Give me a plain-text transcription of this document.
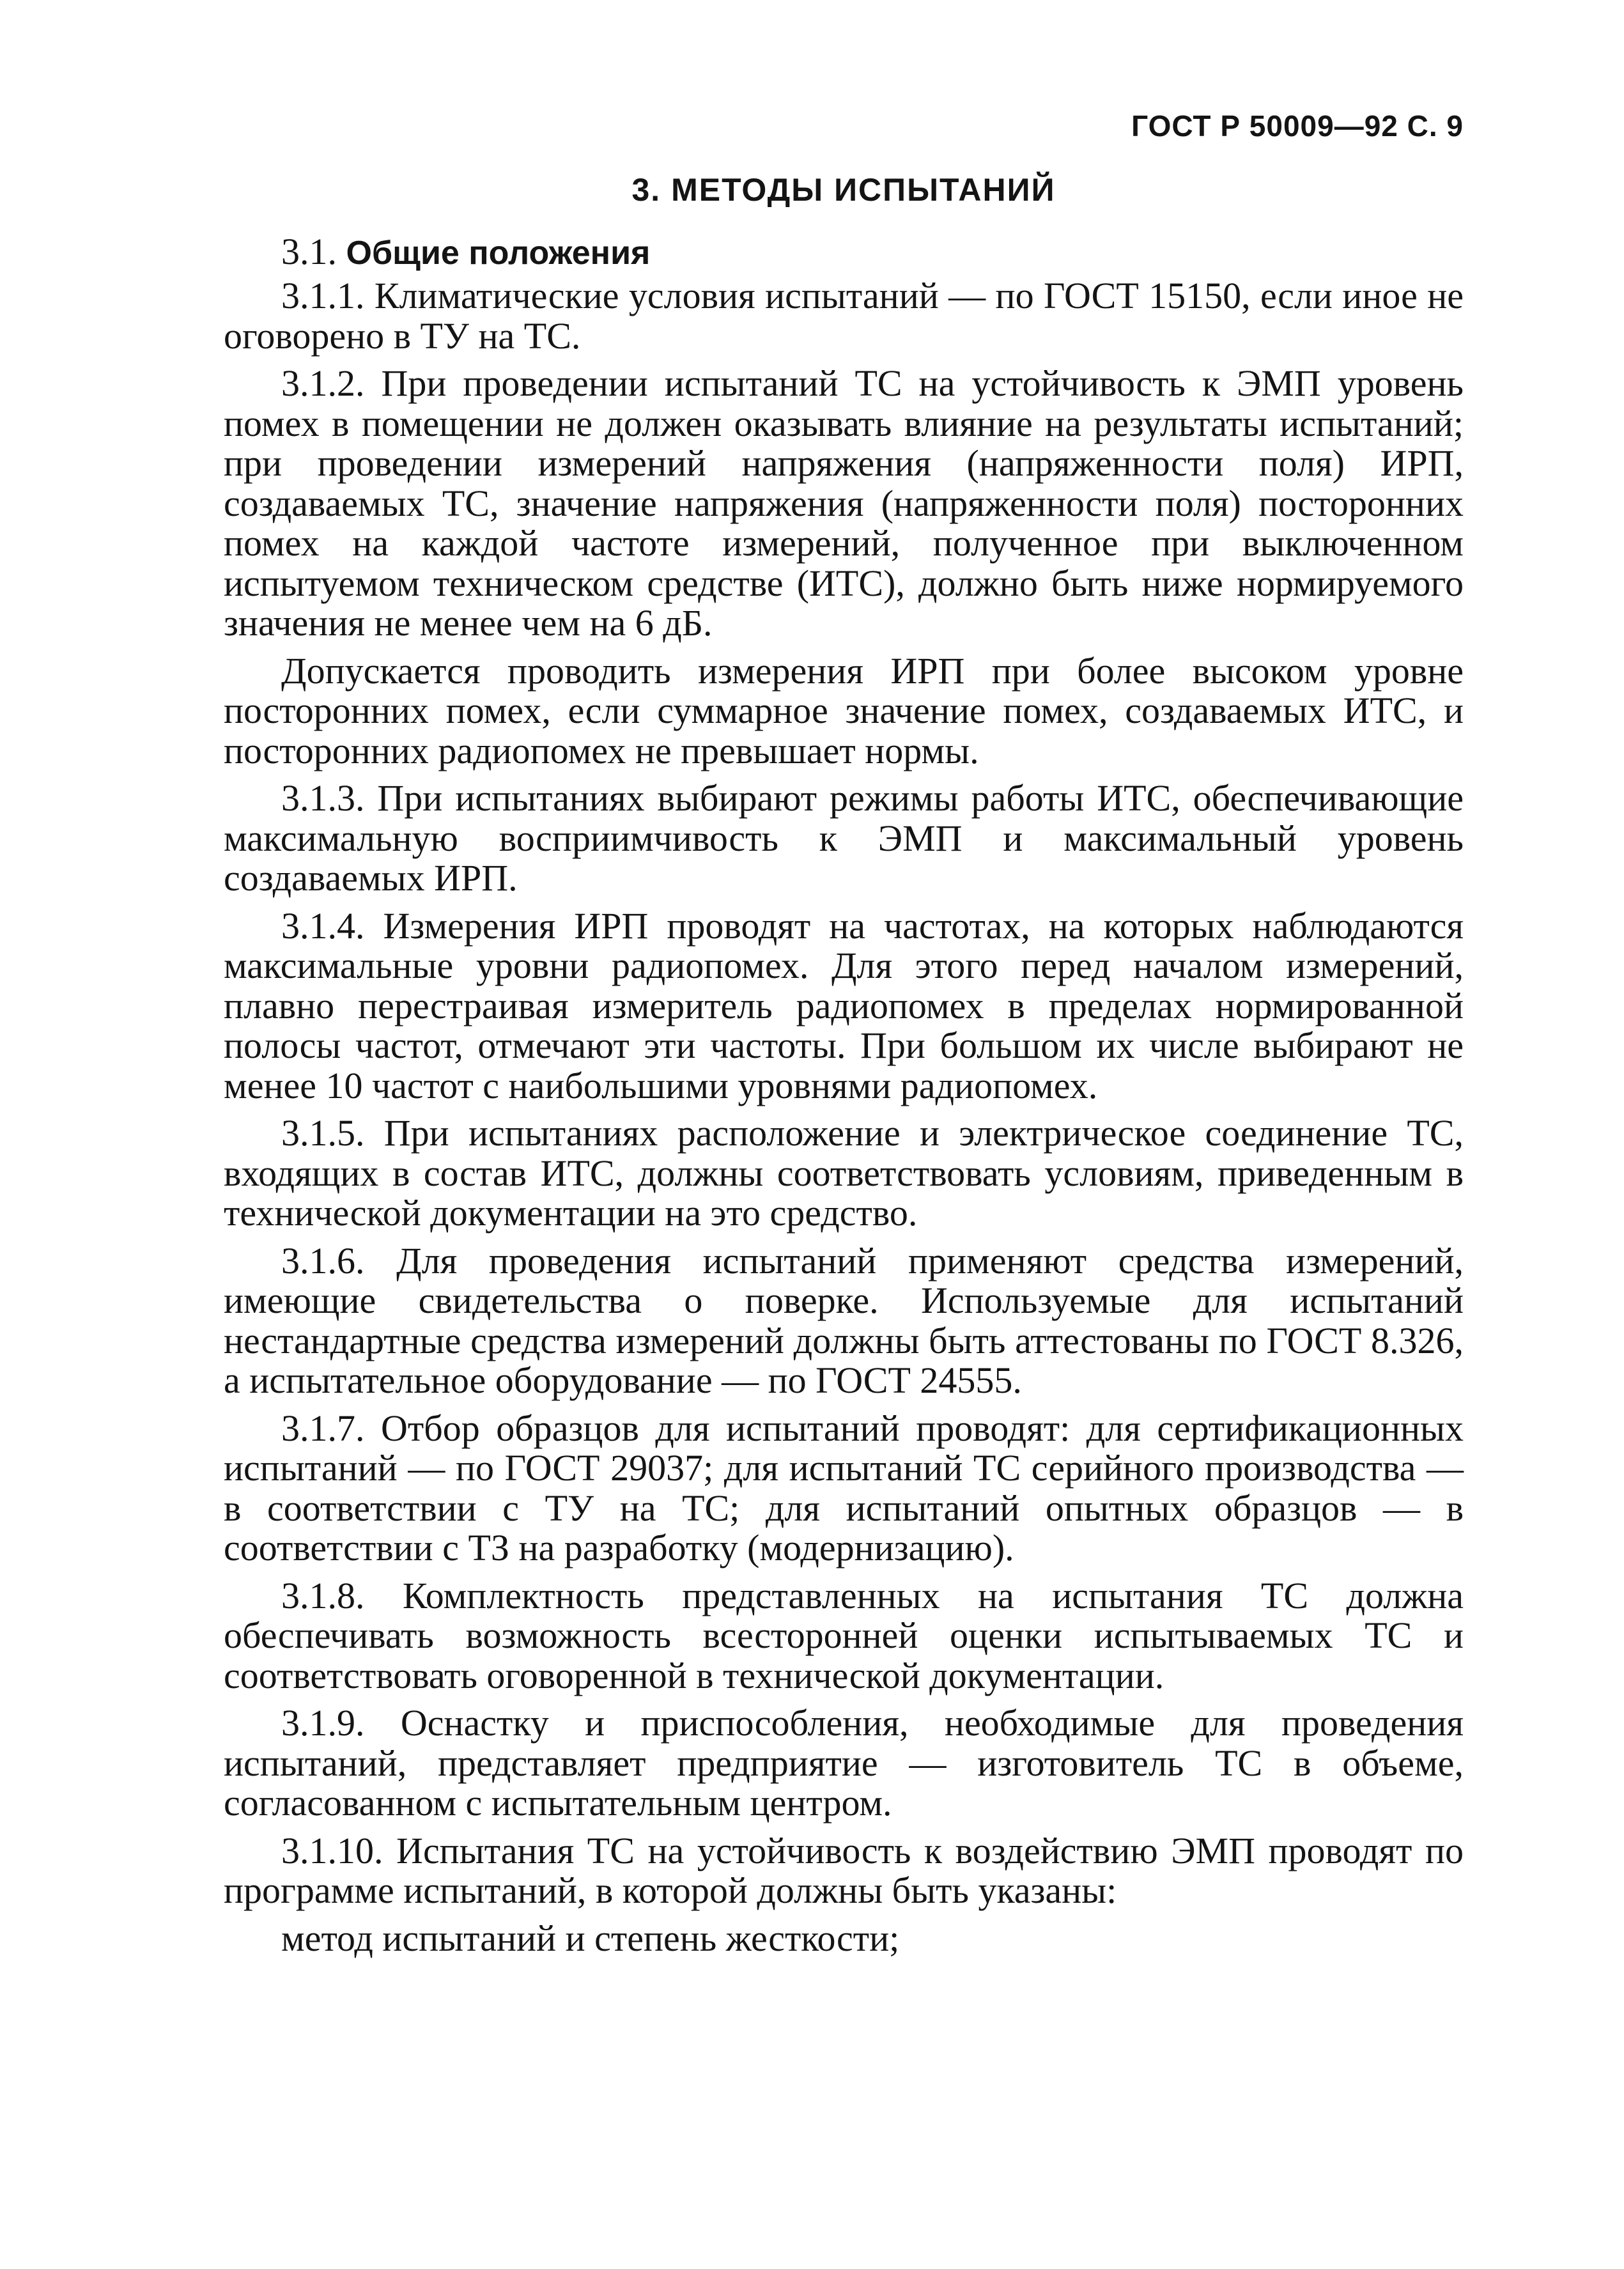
ГОСТ Р 50009—92 С. 9
3. МЕТОДЫ ИСПЫТАНИЙ
3.1. Общие положения

3.1.1. Климатические условия испытаний — по ГОСТ 15150, если иное не оговорено в ТУ на ТС.

3.1.2. При проведении испытаний ТС на устойчивость к ЭМП уровень помех в помещении не должен оказывать влияние на результаты испытаний; при проведении измерений напряжения (напряженности поля) ИРП, создаваемых ТС, значение напряжения (напряженности поля) посторонних помех на каждой частоте измерений, полученное при выключенном испытуемом техническом средстве (ИТС), должно быть ниже нормируемого значения не менее чем на 6 дБ.

Допускается проводить измерения ИРП при более высоком уровне посторонних помех, если суммарное значение помех, создаваемых ИТС, и посторонних радиопомех не превышает нормы.

3.1.3. При испытаниях выбирают режимы работы ИТС, обеспечивающие максимальную восприимчивость к ЭМП и максимальный уровень создаваемых ИРП.

3.1.4. Измерения ИРП проводят на частотах, на которых наблюдаются максимальные уровни радиопомех. Для этого перед началом измерений, плавно перестраивая измеритель радиопомех в пределах нормированной полосы частот, отмечают эти частоты. При большом их числе выбирают не менее 10 частот с наибольшими уровнями радиопомех.

3.1.5. При испытаниях расположение и электрическое соединение ТС, входящих в состав ИТС, должны соответствовать условиям, приведенным в технической документации на это средство.

3.1.6. Для проведения испытаний применяют средства измерений, имеющие свидетельства о поверке. Используемые для испытаний нестандартные средства измерений должны быть аттестованы по ГОСТ 8.326, а испытательное оборудование — по ГОСТ 24555.

3.1.7. Отбор образцов для испытаний проводят: для сертификационных испытаний — по ГОСТ 29037; для испытаний ТС серийного производства — в соответствии с ТУ на ТС; для испытаний опытных образцов — в соответствии с ТЗ на разработку (модернизацию).

3.1.8. Комплектность представленных на испытания ТС должна обеспечивать возможность всесторонней оценки испытываемых ТС и соответствовать оговоренной в технической документации.

3.1.9. Оснастку и приспособления, необходимые для проведения испытаний, представляет предприятие — изготовитель ТС в объеме, согласованном с испытательным центром.

3.1.10. Испытания ТС на устойчивость к воздействию ЭМП проводят по программе испытаний, в которой должны быть указаны:

метод испытаний и степень жесткости;
